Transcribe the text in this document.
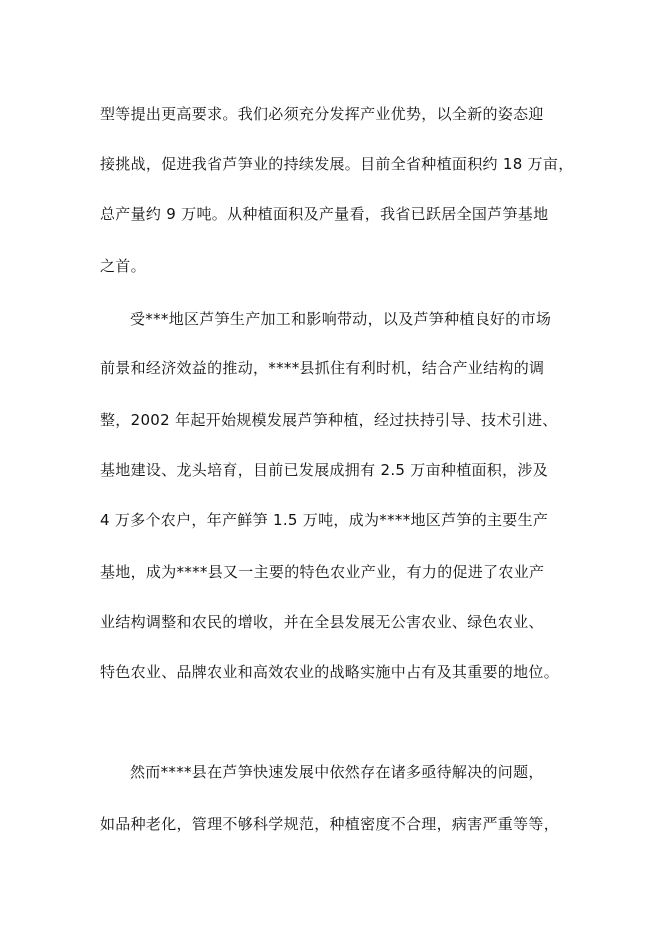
型等提出更高要求。我们必须充分发挥产业优势，以全新的姿态迎
接挑战，促进我省芦笋业的持续发展。目前全省种植面积约 18 万亩，
总产量约 9 万吨。从种植面积及产量看，我省已跃居全国芦笋基地
之首。
受***地区芦笋生产加工和影响带动，以及芦笋种植良好的市场
前景和经济效益的推动，****县抓住有利时机，结合产业结构的调
整，2002 年起开始规模发展芦笋种植，经过扶持引导、技术引进、
基地建设、龙头培育，目前已发展成拥有 2.5 万亩种植面积，涉及
4 万多个农户，年产鲜笋 1.5 万吨，成为****地区芦笋的主要生产
基地，成为****县又一主要的特色农业产业，有力的促进了农业产
业结构调整和农民的增收，并在全县发展无公害农业、绿色农业、
特色农业、品牌农业和高效农业的战略实施中占有及其重要的地位。
然而****县在芦笋快速发展中依然存在诸多亟待解决的问题，
如品种老化，管理不够科学规范，种植密度不合理，病害严重等等，
